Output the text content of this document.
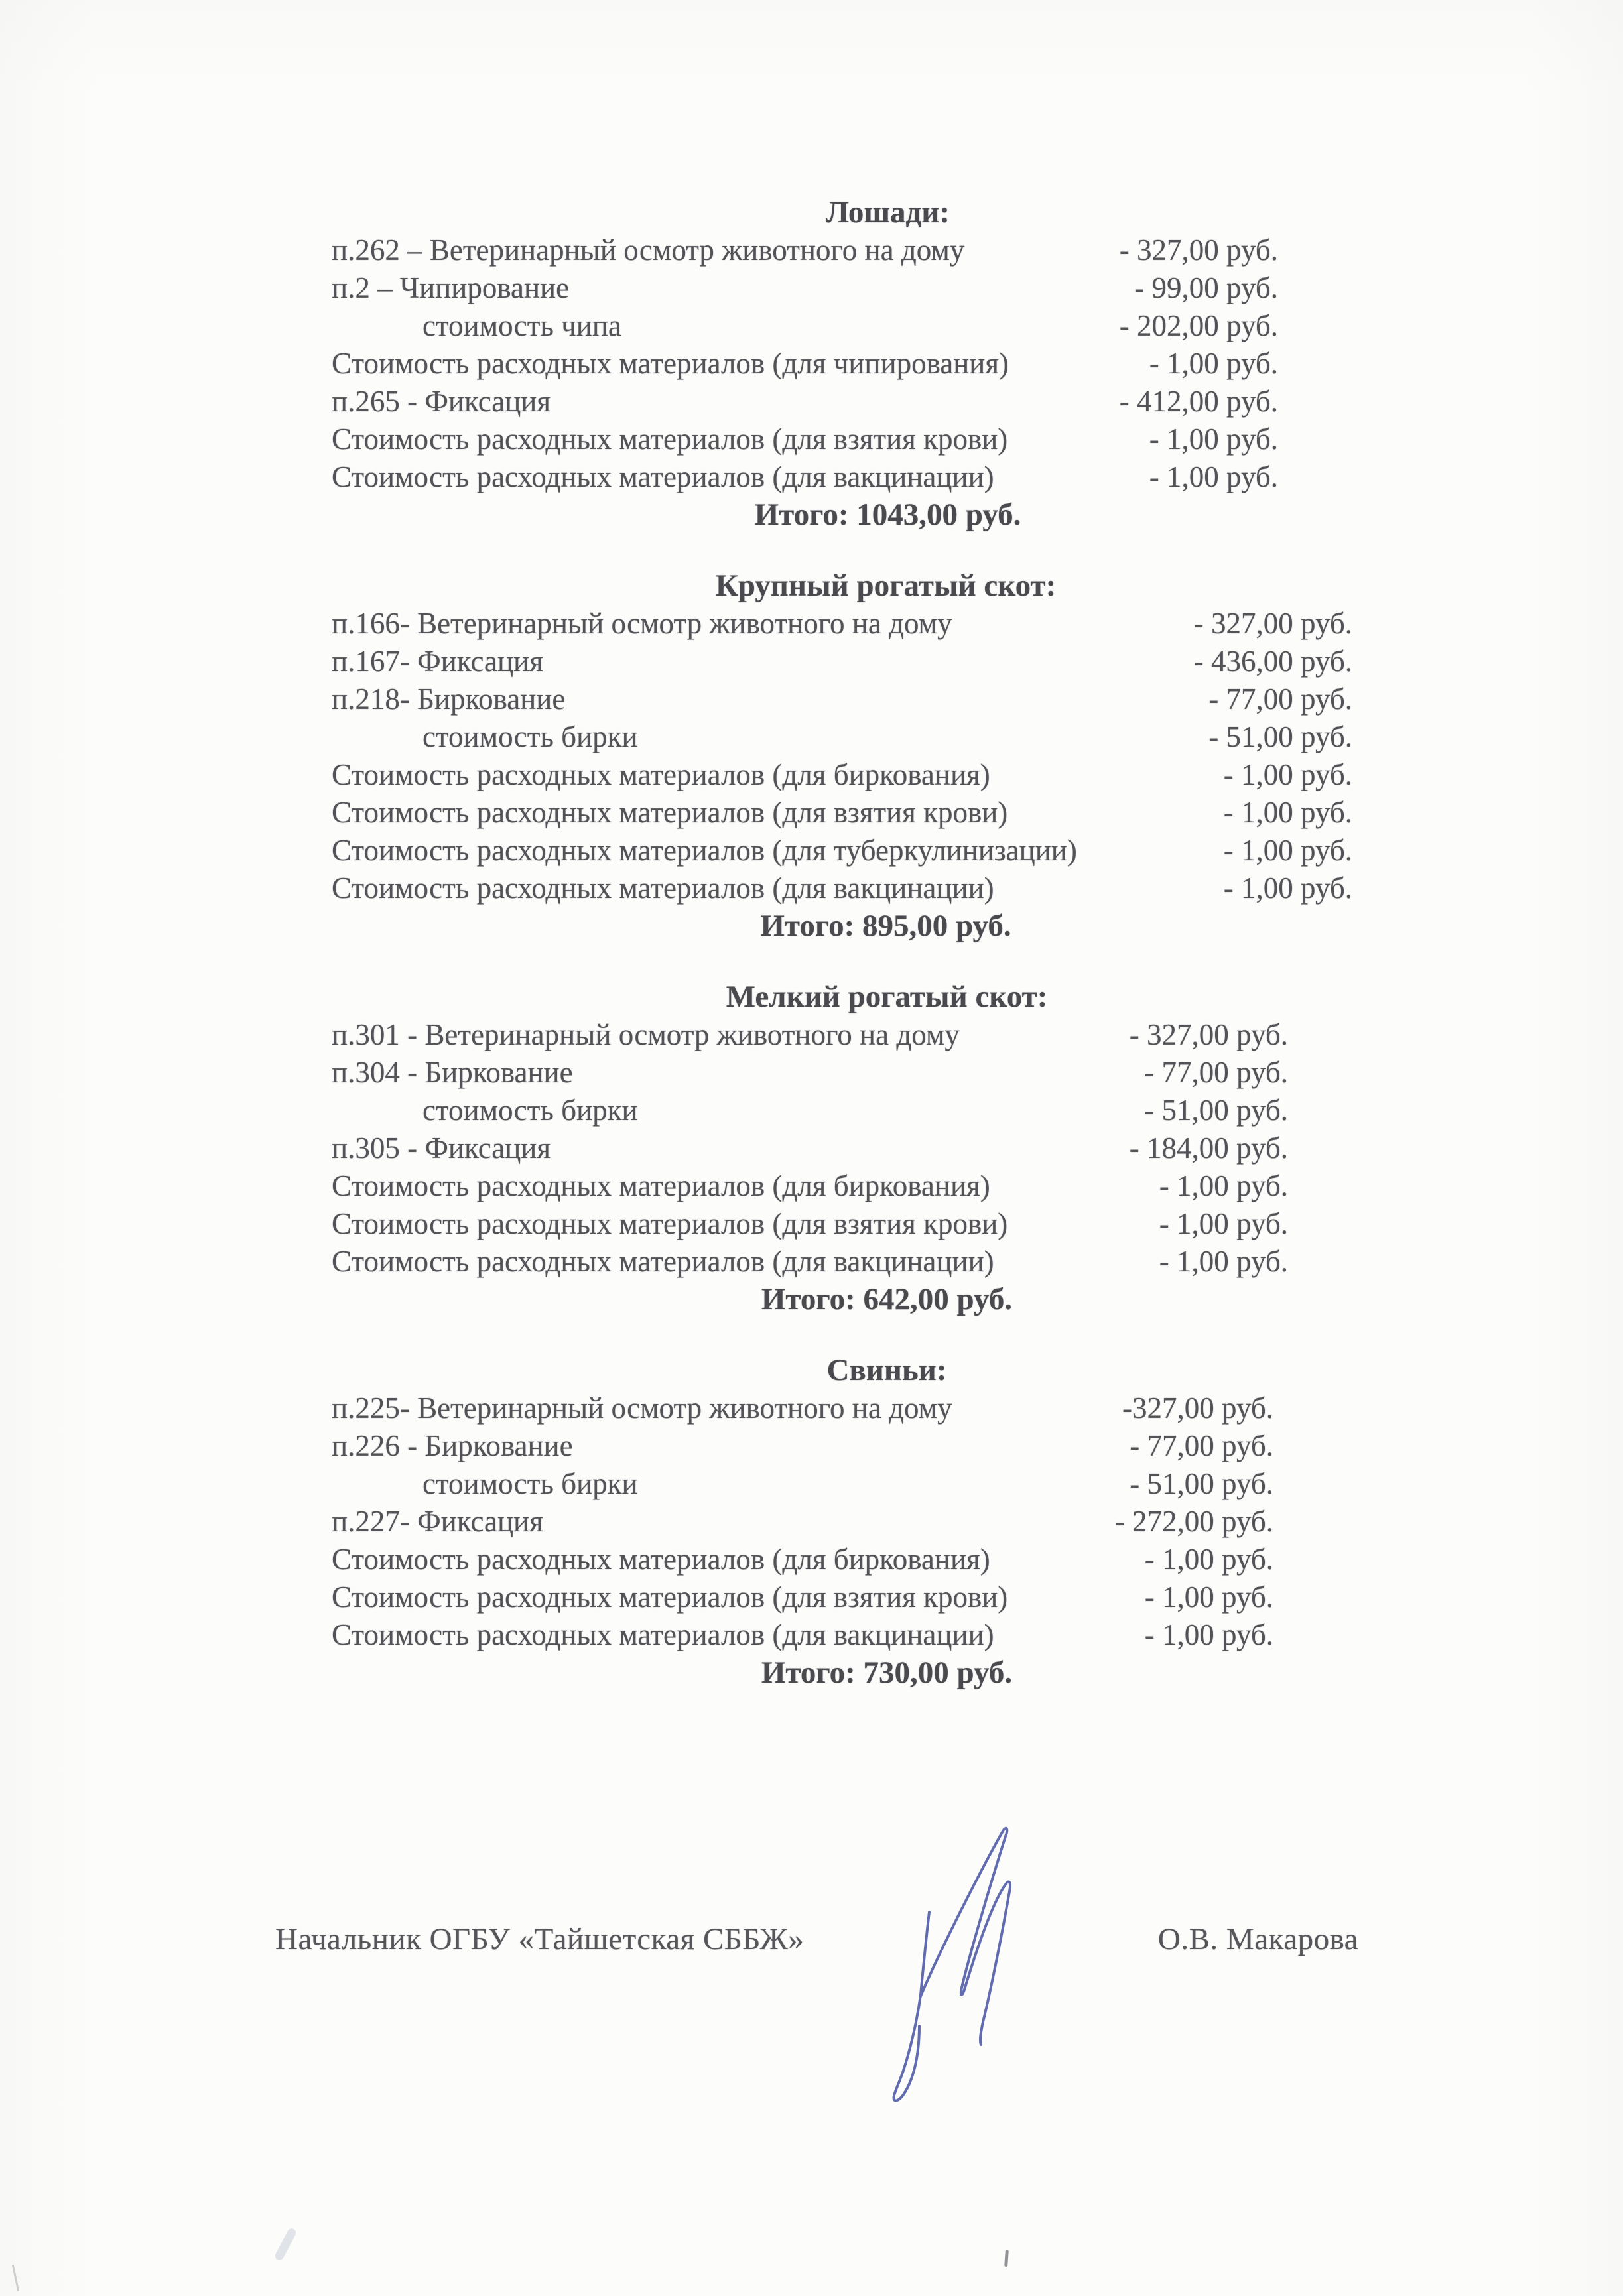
Лошади:
п.262 – Ветеринарный осмотр животного на дому	- 327,00 руб.
п.2 – Чипирование	- 99,00 руб.
стоимость чипа	- 202,00 руб.
Стоимость расходных материалов (для чипирования)	- 1,00 руб.
п.265 - Фиксация	- 412,00 руб.
Стоимость расходных материалов (для взятия крови)	- 1,00 руб.
Стоимость расходных материалов (для вакцинации)	- 1,00 руб.
Итого: 1043,00 руб.
Крупный рогатый скот:
п.166- Ветеринарный осмотр животного на дому	- 327,00 руб.
п.167- Фиксация	- 436,00 руб.
п.218- Биркование	- 77,00 руб.
стоимость бирки	- 51,00 руб.
Стоимость расходных материалов (для биркования)	- 1,00 руб.
Стоимость расходных материалов (для взятия крови)	- 1,00 руб.
Стоимость расходных материалов (для туберкулинизации)	- 1,00 руб.
Стоимость расходных материалов (для вакцинации)	- 1,00 руб.
Итого: 895,00 руб.
Мелкий рогатый скот:
п.301 - Ветеринарный осмотр животного на дому	- 327,00 руб.
п.304 - Биркование	- 77,00 руб.
стоимость бирки	- 51,00 руб.
п.305 - Фиксация	- 184,00 руб.
Стоимость расходных материалов (для биркования)	- 1,00 руб.
Стоимость расходных материалов (для взятия крови)	- 1,00 руб.
Стоимость расходных материалов (для вакцинации)	- 1,00 руб.
Итого: 642,00 руб.
Свиньи:
п.225- Ветеринарный осмотр животного на дому	-327,00 руб.
п.226 - Биркование	- 77,00 руб.
стоимость бирки	- 51,00 руб.
п.227- Фиксация	- 272,00 руб.
Стоимость расходных материалов (для биркования)	- 1,00 руб.
Стоимость расходных материалов (для взятия крови)	- 1,00 руб.
Стоимость расходных материалов (для вакцинации)	- 1,00 руб.
Итого: 730,00 руб.
Начальник ОГБУ «Тайшетская СББЖ»	О.В. Макарова
